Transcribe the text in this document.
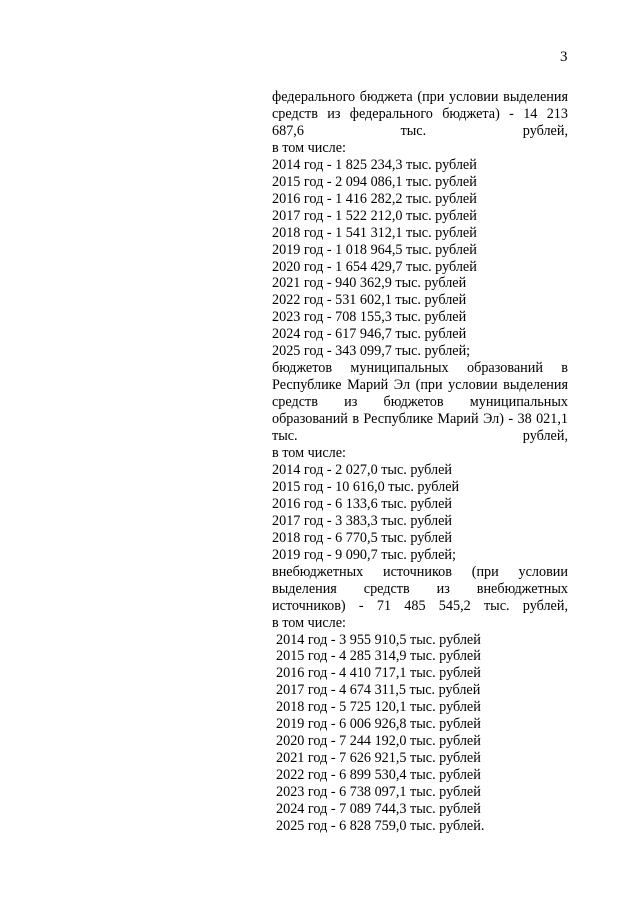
3
федерального бюджета (при условии выделения средств из федерального бюджета) - 14 213 687,6 тыс. рублей,
в том числе:
2014 год - 1 825 234,3 тыс. рублей
2015 год - 2 094 086,1 тыс. рублей
2016 год - 1 416 282,2 тыс. рублей
2017 год - 1 522 212,0 тыс. рублей
2018 год - 1 541 312,1 тыс. рублей
2019 год - 1 018 964,5 тыс. рублей
2020 год - 1 654 429,7 тыс. рублей
2021 год - 940 362,9 тыс. рублей
2022 год - 531 602,1 тыс. рублей
2023 год - 708 155,3 тыс. рублей
2024 год - 617 946,7 тыс. рублей
2025 год - 343 099,7 тыс. рублей;
бюджетов муниципальных образований в Республике Марий Эл (при условии выделения средств из бюджетов муниципальных образований в Республике Марий Эл) - 38 021,1 тыс. рублей,
в том числе:
2014 год - 2 027,0 тыс. рублей
2015 год - 10 616,0 тыс. рублей
2016 год - 6 133,6 тыс. рублей
2017 год - 3 383,3 тыс. рублей
2018 год - 6 770,5 тыс. рублей
2019 год - 9 090,7 тыс. рублей;
внебюджетных источников (при условии выделения средств из внебюджетных источников) - 71 485 545,2 тыс. рублей,
в том числе:
2014 год - 3 955 910,5 тыс. рублей
2015 год - 4 285 314,9 тыс. рублей
2016 год - 4 410 717,1 тыс. рублей
2017 год - 4 674 311,5 тыс. рублей
2018 год - 5 725 120,1 тыс. рублей
2019 год - 6 006 926,8 тыс. рублей
2020 год - 7 244 192,0 тыс. рублей
2021 год - 7 626 921,5 тыс. рублей
2022 год - 6 899 530,4 тыс. рублей
2023 год - 6 738 097,1 тыс. рублей
2024 год - 7 089 744,3 тыс. рублей
2025 год - 6 828 759,0 тыс. рублей.
